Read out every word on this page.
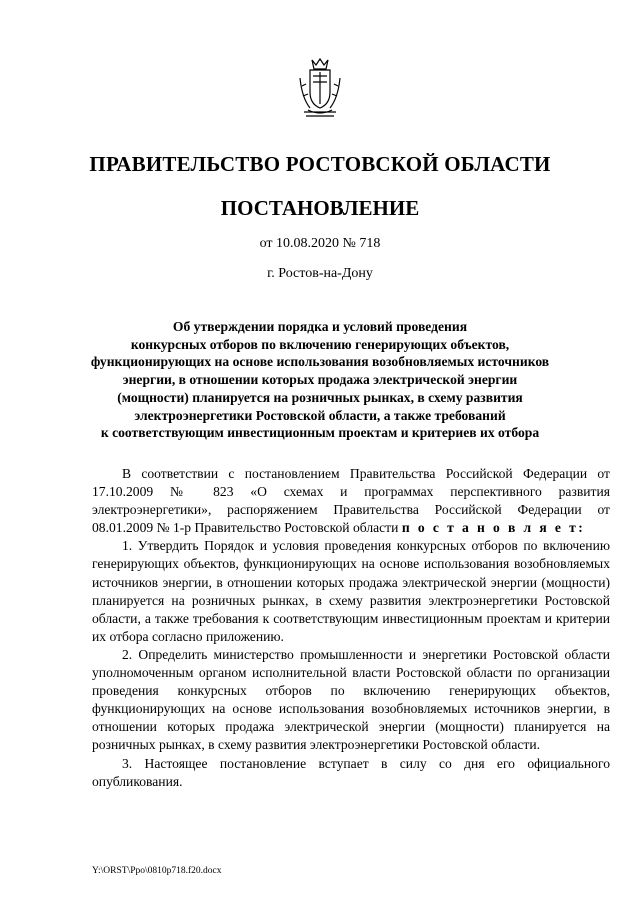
ПРАВИТЕЛЬСТВО РОСТОВСКОЙ ОБЛАСТИ
ПОСТАНОВЛЕНИЕ
от 10.08.2020 № 718
г. Ростов-на-Дону
Об утверждении порядка и условий проведения
конкурсных отборов по включению генерирующих объектов,
функционирующих на основе использования возобновляемых источников
энергии, в отношении которых продажа электрической энергии
(мощности) планируется на розничных рынках, в схему развития
электроэнергетики Ростовской области, а также требований
к соответствующим инвестиционным проектам и критериев их отбора

В соответствии с постановлением Правительства Российской Федерации от 17.10.2009 № 823 «О схемах и программах перспективного развития электроэнергетики», распоряжением Правительства Российской Федерации от 08.01.2009 № 1-р Правительство Ростовской области п о с т а н о в л я е т:

1. Утвердить Порядок и условия проведения конкурсных отборов по включению генерирующих объектов, функционирующих на основе использования возобновляемых источников энергии, в отношении которых продажа электрической энергии (мощности) планируется на розничных рынках, в схему развития электроэнергетики Ростовской области, а также требования к соответствующим инвестиционным проектам и критерии их отбора согласно приложению.

2. Определить министерство промышленности и энергетики Ростовской области уполномоченным органом исполнительной власти Ростовской области по организации проведения конкурсных отборов по включению генерирующих объектов, функционирующих на основе использования возобновляемых источников энергии, в отношении которых продажа электрической энергии (мощности) планируется на розничных рынках, в схему развития электроэнергетики Ростовской области.

3. Настоящее постановление вступает в силу со дня его официального опубликования.

Y:\ORST\Ppo\0810p718.f20.docx
